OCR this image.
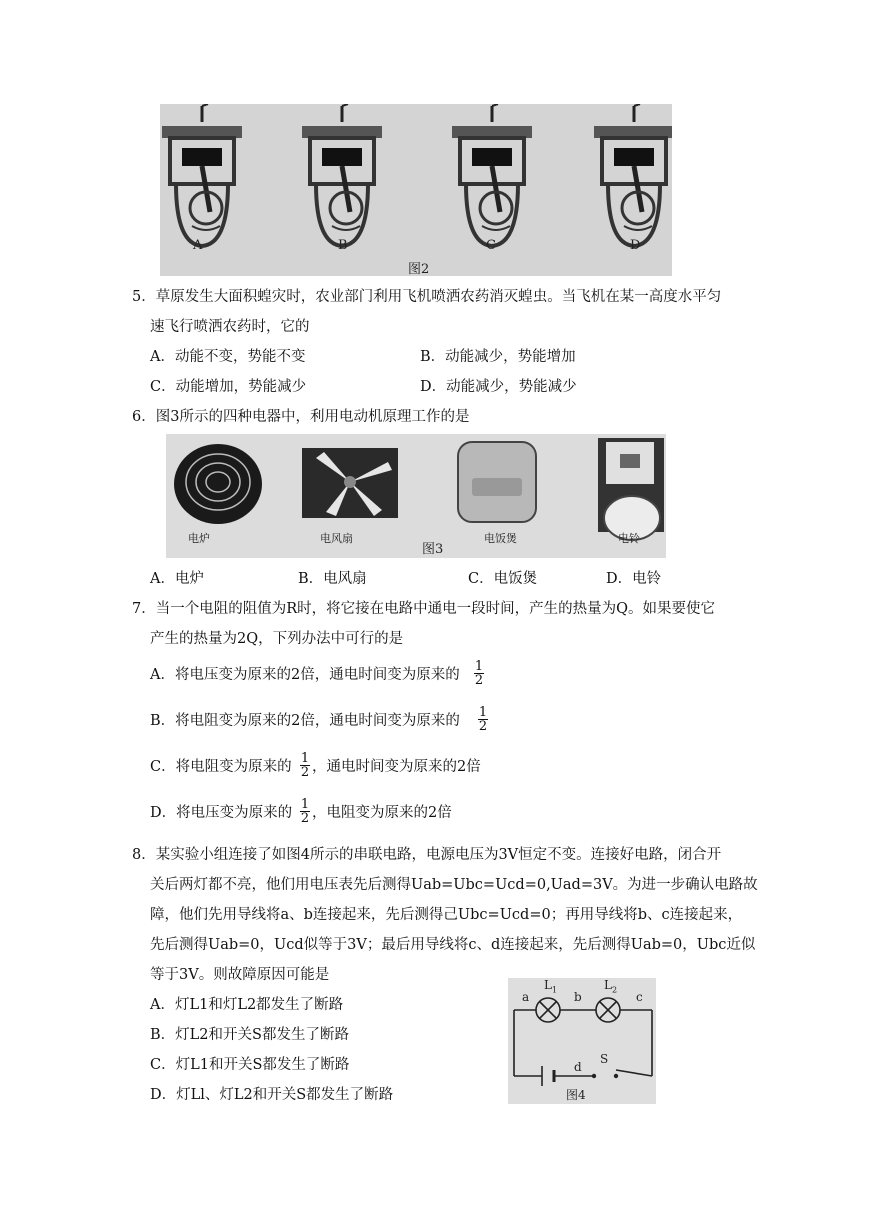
A	B	C	D
图2
5．草原发生大面积蝗灾时，农业部门利用飞机喷洒农药消灭蝗虫。当飞机在某一高度水平匀
速飞行喷洒农药时，它的
A．动能不变，势能不变	B．动能减少，势能增加
C．动能增加，势能减少	D．动能减少，势能减少
6．图3所示的四种电器中，利用电动机原理工作的是
电炉	电风扇	电饭煲	电铃
图3
A．电炉	B．电风扇	C．电饭煲	D．电铃
7．当一个电阻的阻值为R时，将它接在电路中通电一段时间，产生的热量为Q。如果要使它
产生的热量为2Q，下列办法中可行的是
A．将电压变为原来的2倍，通电时间变为原来的 $\frac{1}{2}$
B．将电阻变为原来的2倍，通电时间变为原来的 $\frac{1}{2}$
C．将电阻变为原来的 $\frac{1}{2}$ ，通电时间变为原来的2倍
D．将电压变为原来的 $\frac{1}{2}$ ，电阻变为原来的2倍
8．某实验小组连接了如图4所示的串联电路，电源电压为3V恒定不变。连接好电路，闭合开
关后两灯都不亮，他们用电压表先后测得Uab=Ubc=Ucd=0,Uad=3V。为进一步确认电路故
障，他们先用导线将a、b连接起来，先后测得己Ubc=Ucd=0；再用导线将b、c连接起来，
先后测得Uab=0，Ucd似等于3V；最后用导线将c、d连接起来，先后测得Uab=0，Ubc近似
等于3V。则故障原因可能是
A．灯L1和灯L2都发生了断路
B．灯L2和开关S都发生了断路
C．灯L1和开关S都发生了断路
D．灯Ll、灯L2和开关S都发生了断路
a	b	c
d
$L_1$	$L_2$
S
图4
